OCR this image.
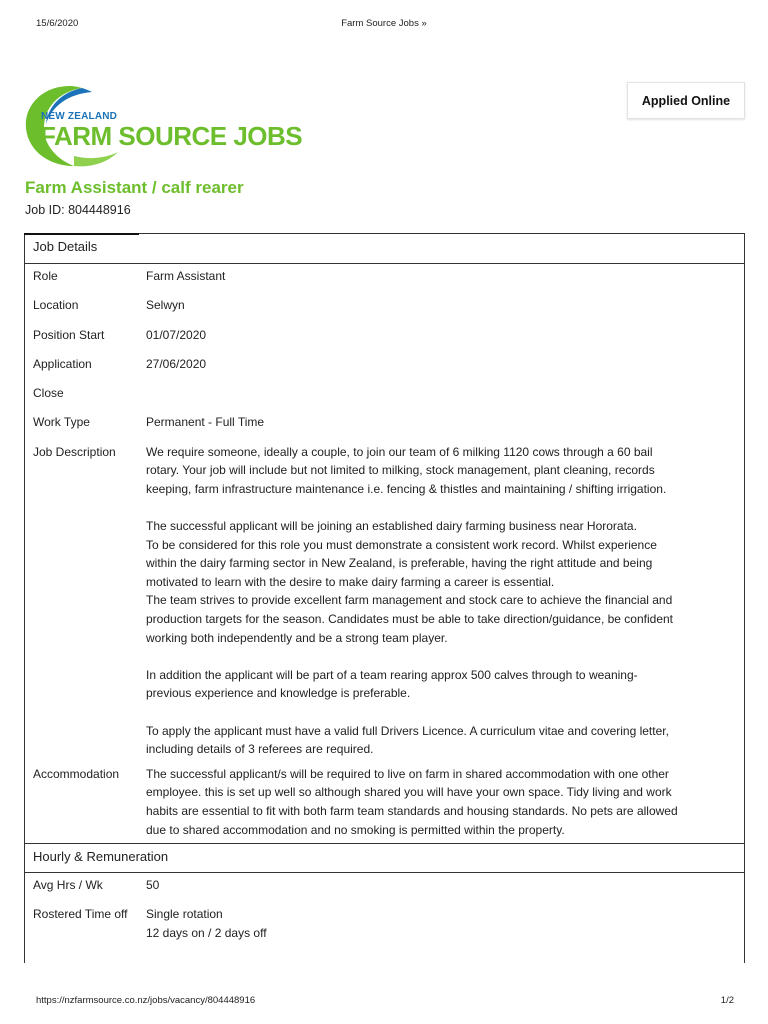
15/6/2020	Farm Source Jobs »
NEW ZEALAND
FARM SOURCE JOBS
Applied Online
Farm Assistant / calf rearer
Job ID: 804448916
Job Details
Role	Farm Assistant
Location	Selwyn
Position Start	01/07/2020
Application	27/06/2020
Close
Work Type	Permanent - Full Time
Job Description	We require someone, ideally a couple, to join our team of 6 milking 1120 cows through a 60 bail
rotary. Your job will include but not limited to milking, stock management, plant cleaning, records
keeping, farm infrastructure maintenance i.e. fencing & thistles and maintaining / shifting irrigation.

The successful applicant will be joining an established dairy farming business near Hororata.
To be considered for this role you must demonstrate a consistent work record. Whilst experience
within the dairy farming sector in New Zealand, is preferable, having the right attitude and being
motivated to learn with the desire to make dairy farming a career is essential.
The team strives to provide excellent farm management and stock care to achieve the financial and
production targets for the season. Candidates must be able to take direction/guidance, be confident
working both independently and be a strong team player.

In addition the applicant will be part of a team rearing approx 500 calves through to weaning-
previous experience and knowledge is preferable.

To apply the applicant must have a valid full Drivers Licence. A curriculum vitae and covering letter,
including details of 3 referees are required.

Accommodation	The successful applicant/s will be required to live on farm in shared accommodation with one other
employee. this is set up well so although shared you will have your own space. Tidy living and work
habits are essential to fit with both farm team standards and housing standards. No pets are allowed
due to shared accommodation and no smoking is permitted within the property.
Hourly & Remuneration
Avg Hrs / Wk	50
Rostered Time off	Single rotation
12 days on / 2 days off
https://nzfarmsource.co.nz/jobs/vacancy/804448916	1/2
